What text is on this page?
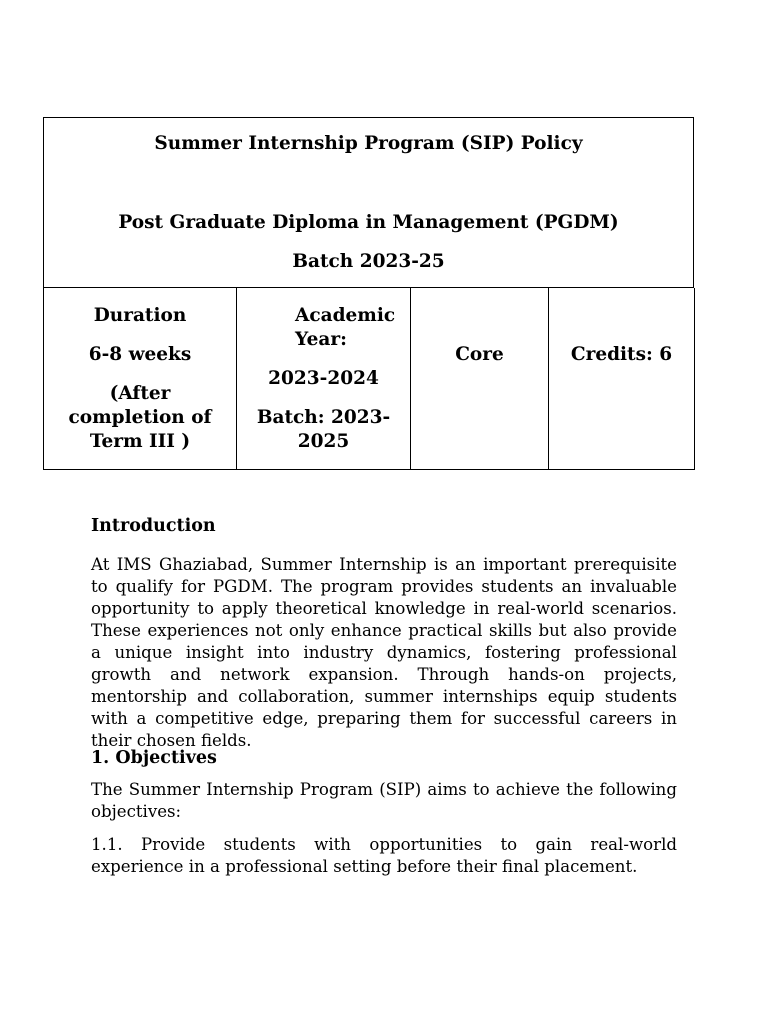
Summer Internship Program (SIP) Policy
Post Graduate Diploma in Management (PGDM)
Batch 2023-25
Duration
6-8 weeks
(After
completion of
Term III )
Academic
Year:
2023-2024
Batch: 2023-
2025
Core	Credits: 6
Introduction
At IMS Ghaziabad, Summer Internship is an important prerequisite to qualify for PGDM. The program provides students an invaluable opportunity to apply theoretical knowledge in real-world scenarios. These experiences not only enhance practical skills but also provide a unique insight into industry dynamics, fostering professional growth and network expansion. Through hands-on projects, mentorship and collaboration, summer internships equip students with a competitive edge, preparing them for successful careers in their chosen fields.
1. Objectives
The Summer Internship Program (SIP) aims to achieve the following objectives:
1.1. Provide students with opportunities to gain real-world experience in a professional setting before their final placement.
